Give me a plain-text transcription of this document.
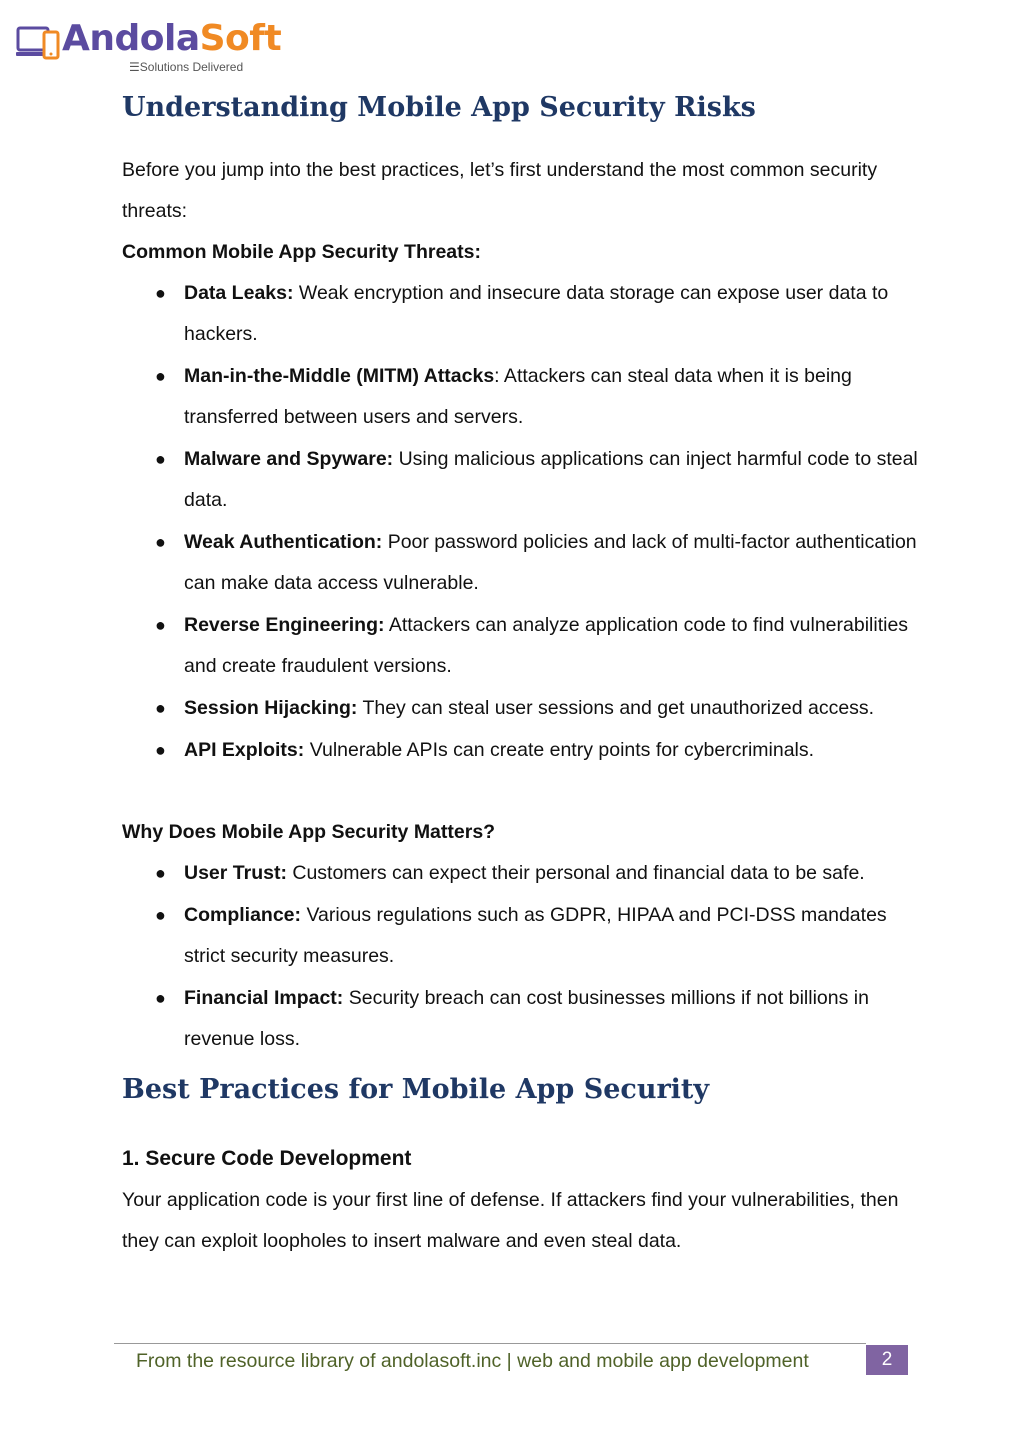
AndolaSoft
☰Solutions Delivered
Understanding Mobile App Security Risks

Before you jump into the best practices, let’s first understand the most common security threats:

Common Mobile App Security Threats:

● Data Leaks: Weak encryption and insecure data storage can expose user data to hackers.
● Man-in-the-Middle (MITM) Attacks: Attackers can steal data when it is being transferred between users and servers.
● Malware and Spyware: Using malicious applications can inject harmful code to steal data.
● Weak Authentication: Poor password policies and lack of multi-factor authentication can make data access vulnerable.
● Reverse Engineering: Attackers can analyze application code to find vulnerabilities and create fraudulent versions.
● Session Hijacking: They can steal user sessions and get unauthorized access.
● API Exploits: Vulnerable APIs can create entry points for cybercriminals.

Why Does Mobile App Security Matters?

● User Trust: Customers can expect their personal and financial data to be safe.
● Compliance: Various regulations such as GDPR, HIPAA and PCI-DSS mandates strict security measures.
● Financial Impact: Security breach can cost businesses millions if not billions in revenue loss.
Best Practices for Mobile App Security

1. Secure Code Development

Your application code is your first line of defense. If attackers find your vulnerabilities, then they can exploit loopholes to insert malware and even steal data.

From the resource library of andolasoft.inc | web and mobile app development	2
